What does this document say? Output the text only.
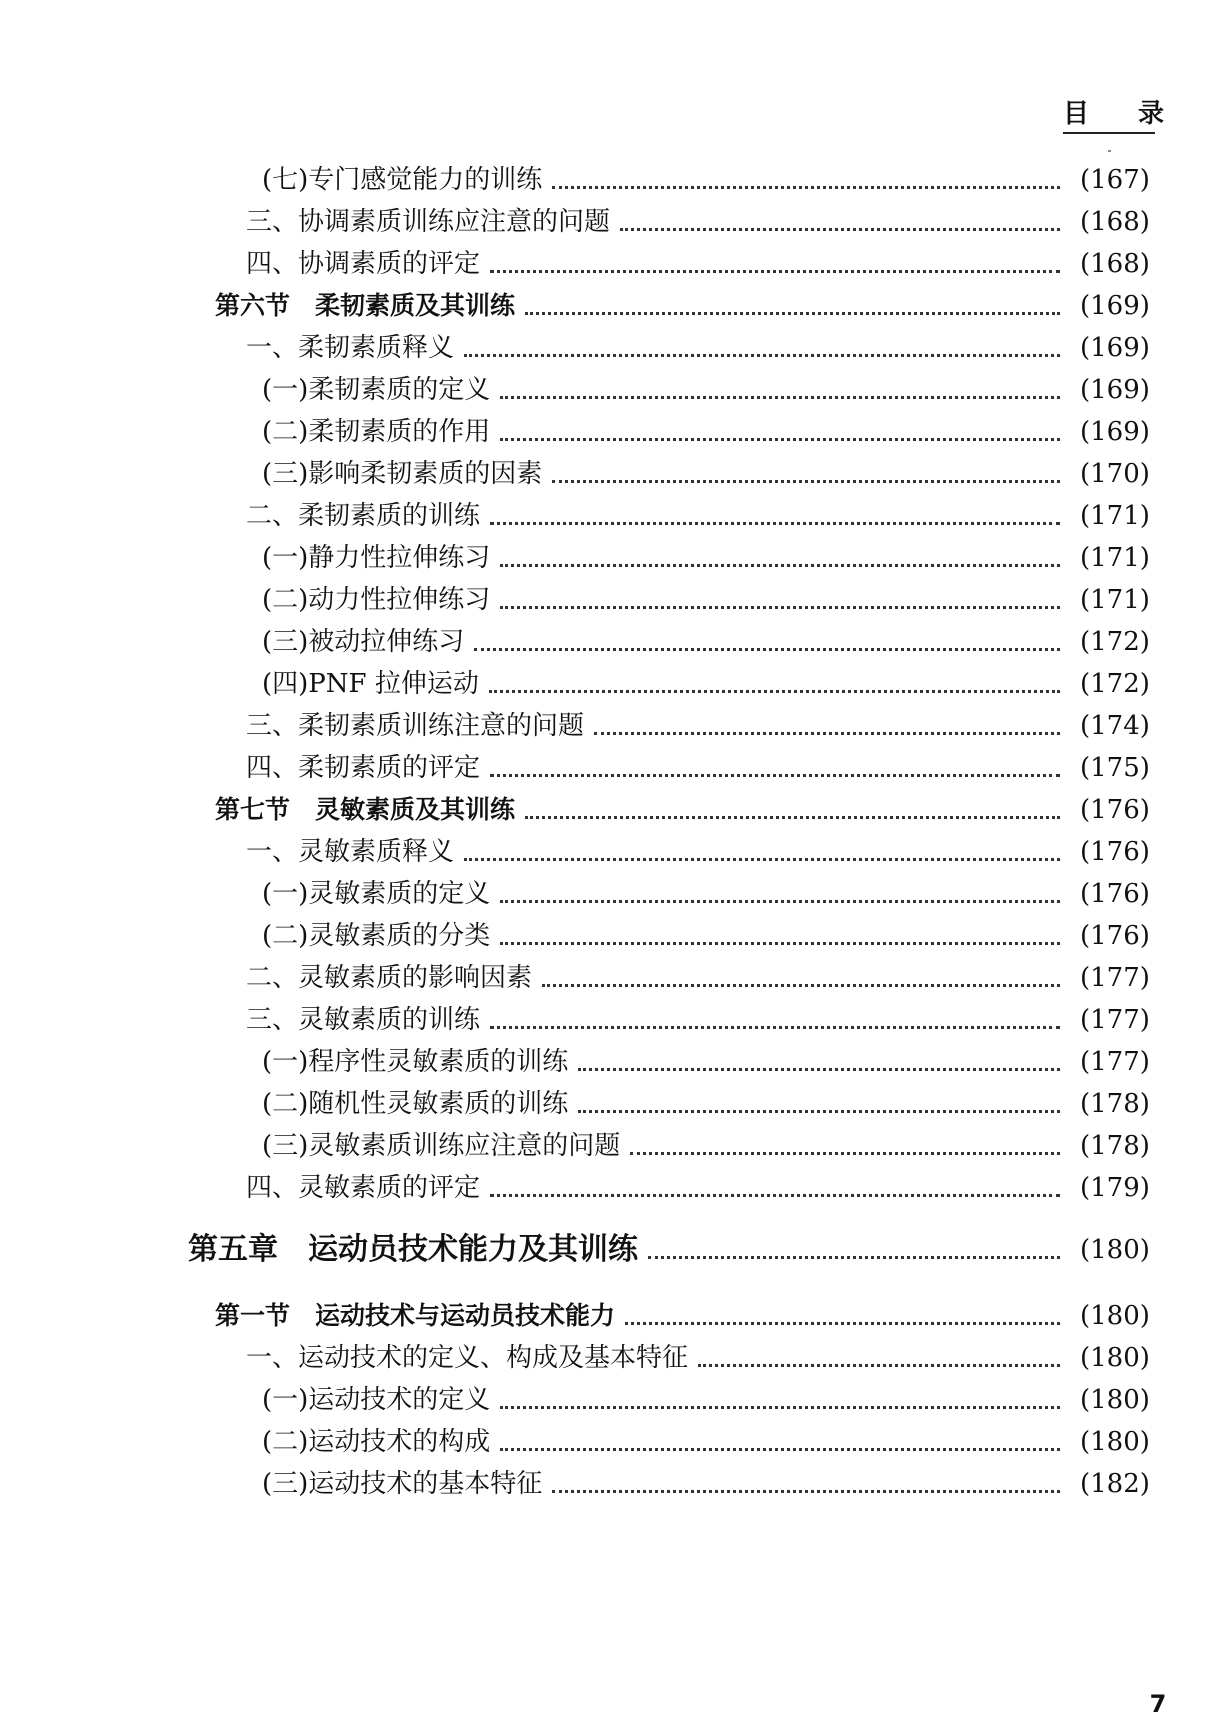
目 录
(七)专门感觉能力的训练	(167)
三、协调素质训练应注意的问题	(168)
四、协调素质的评定	(168)
第六节　柔韧素质及其训练	(169)
一、柔韧素质释义	(169)
(一)柔韧素质的定义	(169)
(二)柔韧素质的作用	(169)
(三)影响柔韧素质的因素	(170)
二、柔韧素质的训练	(171)
(一)静力性拉伸练习	(171)
(二)动力性拉伸练习	(171)
(三)被动拉伸练习	(172)
(四)PNF 拉伸运动	(172)
三、柔韧素质训练注意的问题	(174)
四、柔韧素质的评定	(175)
第七节　灵敏素质及其训练	(176)
一、灵敏素质释义	(176)
(一)灵敏素质的定义	(176)
(二)灵敏素质的分类	(176)
二、灵敏素质的影响因素	(177)
三、灵敏素质的训练	(177)
(一)程序性灵敏素质的训练	(177)
(二)随机性灵敏素质的训练	(178)
(三)灵敏素质训练应注意的问题	(178)
四、灵敏素质的评定	(179)
第五章　运动员技术能力及其训练	(180)
第一节　运动技术与运动员技术能力	(180)
一、运动技术的定义、构成及基本特征	(180)
(一)运动技术的定义	(180)
(二)运动技术的构成	(180)
(三)运动技术的基本特征	(182)
7
